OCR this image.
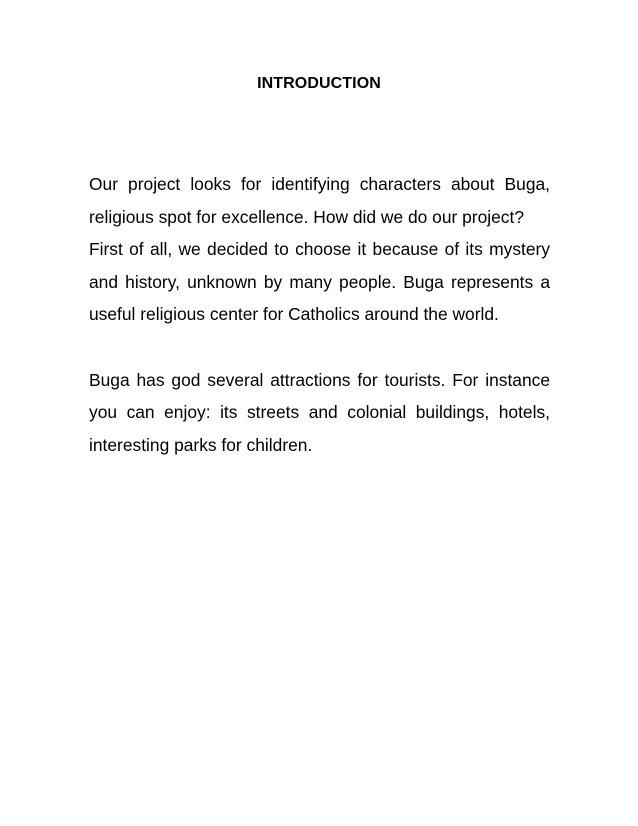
INTRODUCTION

Our project looks for identifying characters about Buga, religious spot for excellence. How did we do our project?

First of all, we decided to choose it because of its mystery and history, unknown by many people. Buga represents a useful religious center for Catholics around the world.

Buga has god several attractions for tourists. For instance you can enjoy: its streets and colonial buildings, hotels, interesting parks for children.
